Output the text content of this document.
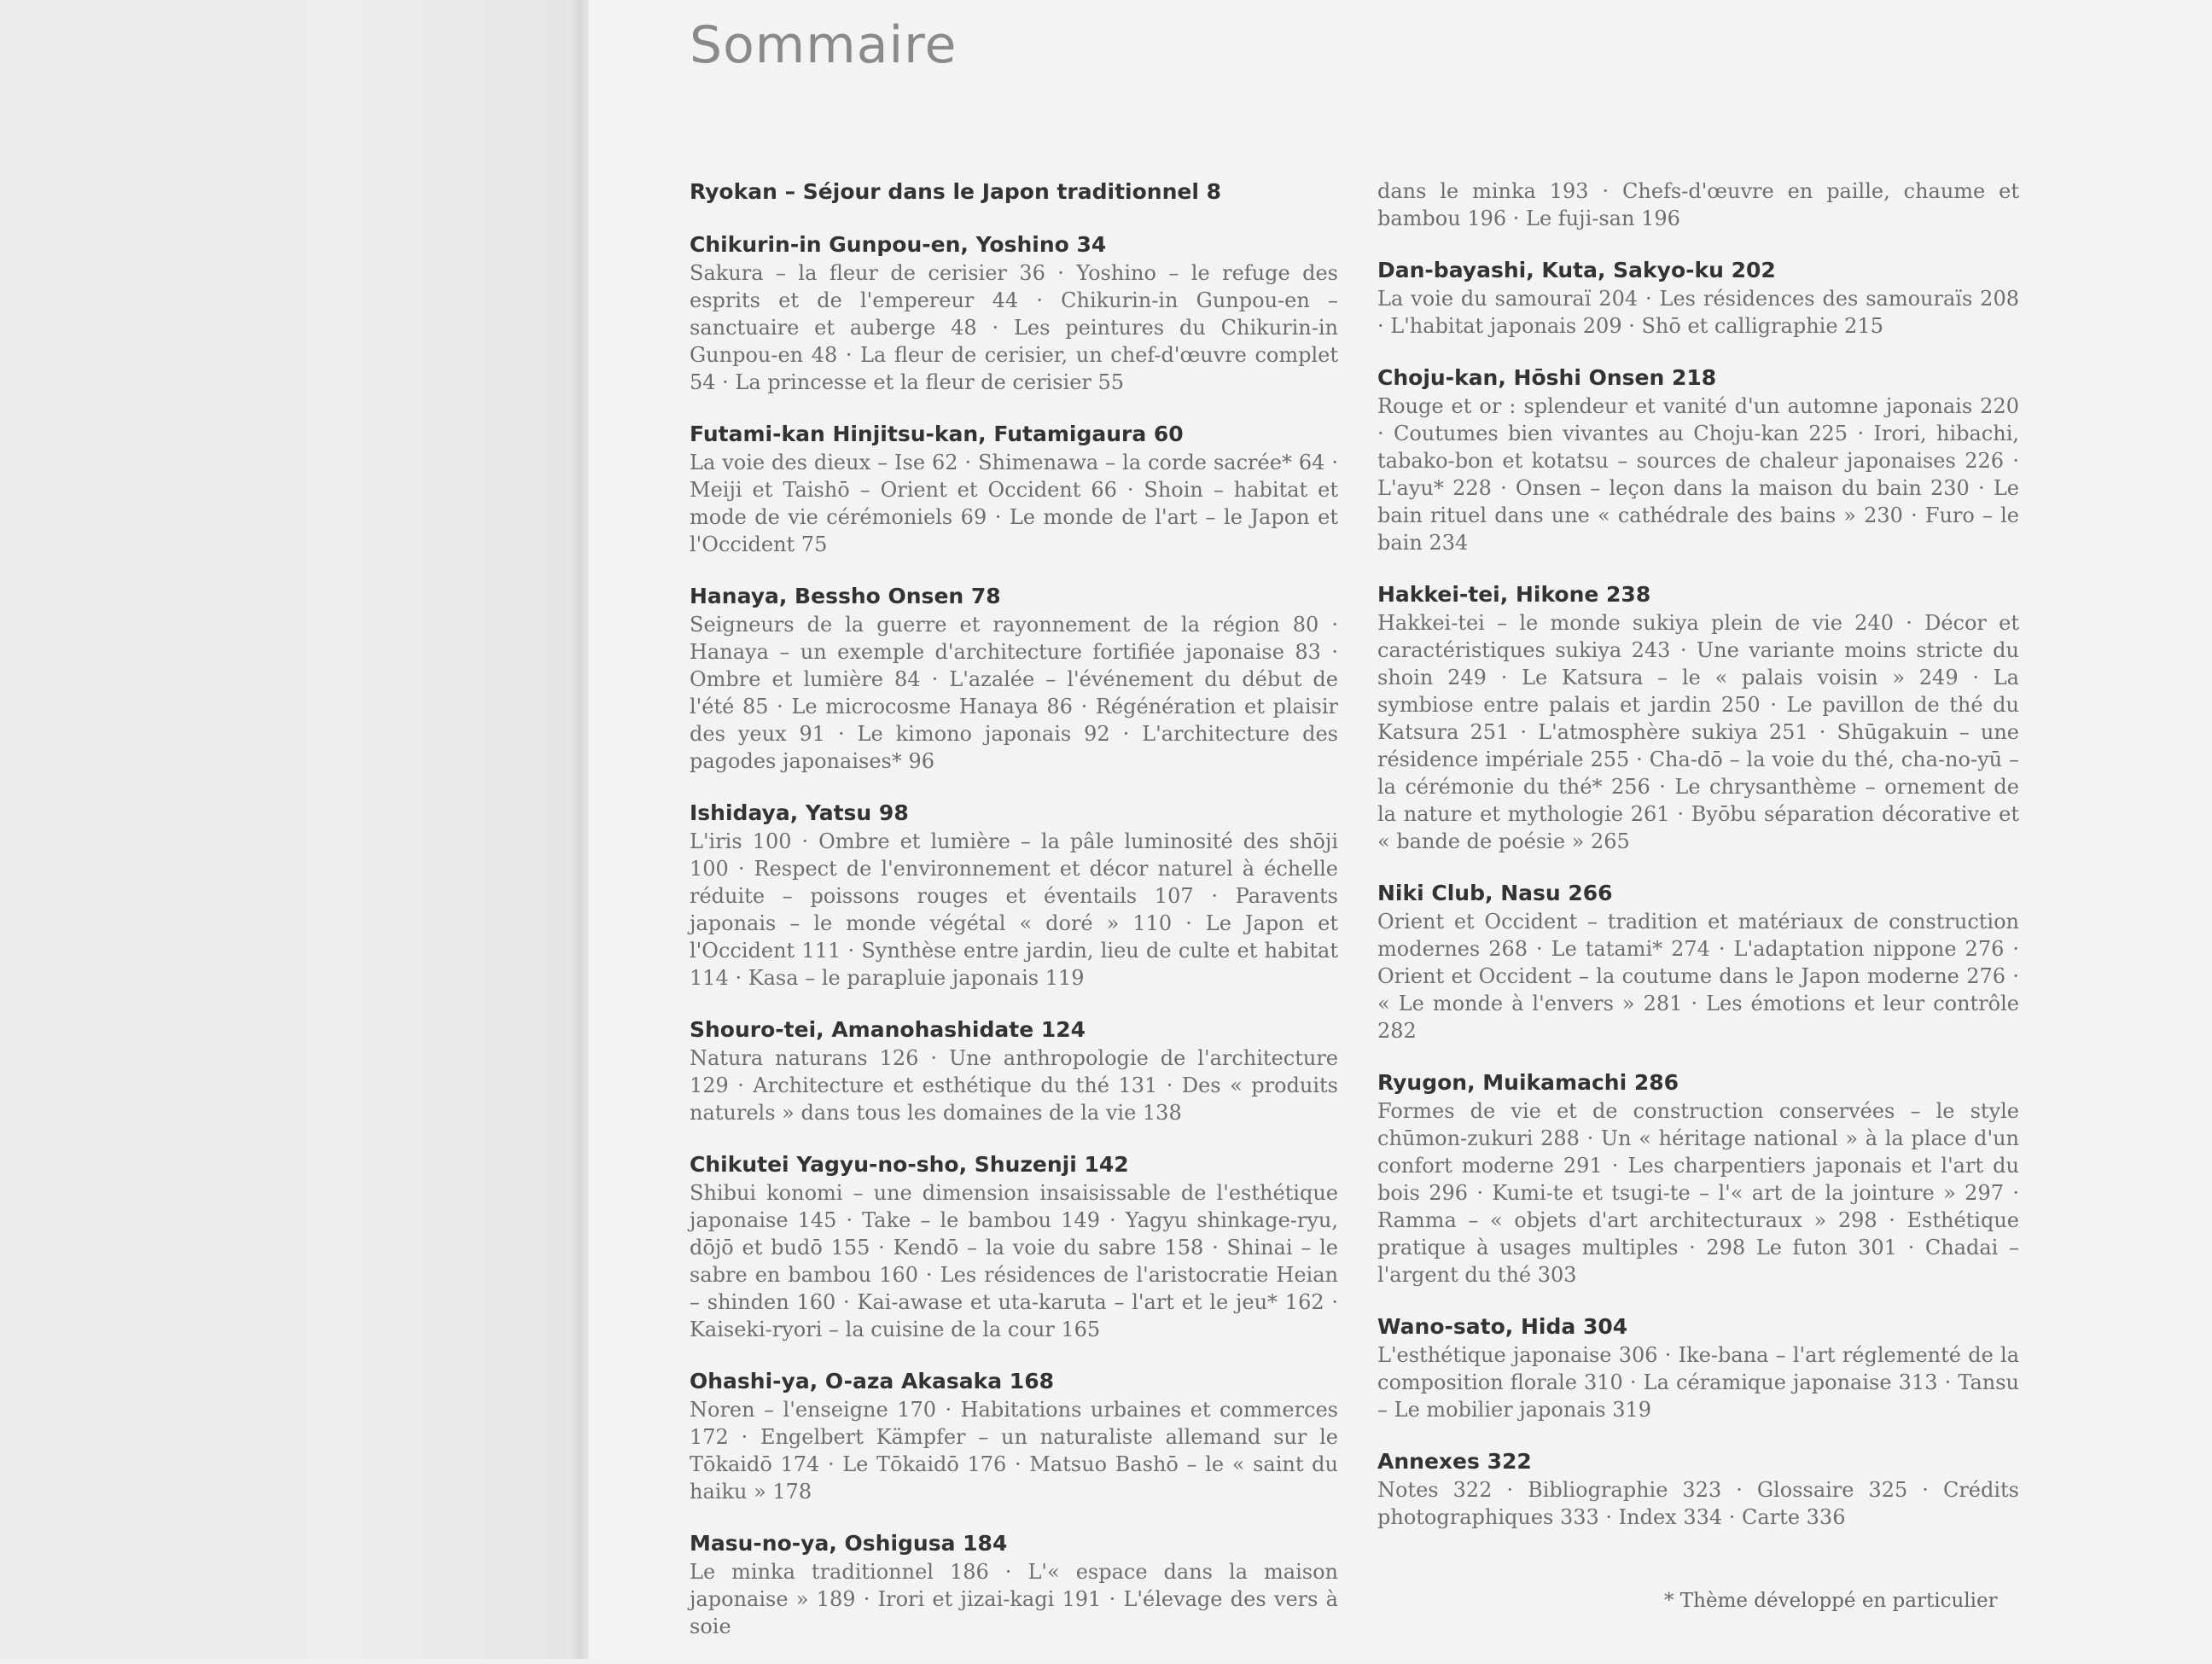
Sommaire
Ryokan – Séjour dans le Japon traditionnel 8
Chikurin-in Gunpou-en, Yoshino 34
Sakura – la fleur de cerisier 36 · Yoshino – le refuge des esprits et de l'empereur 44 · Chikurin-in Gunpou-en – sanctuaire et auberge 48 · Les peintures du Chikurin-in Gunpou-en 48 · La fleur de cerisier, un chef-d'œuvre complet 54 · La princesse et la fleur de cerisier 55
Futami-kan Hinjitsu-kan, Futamigaura 60
La voie des dieux – Ise 62 · Shimenawa – la corde sacrée* 64 · Meiji et Taishō – Orient et Occident 66 · Shoin – habitat et mode de vie cérémoniels 69 · Le monde de l'art – le Japon et l'Occident 75
Hanaya, Bessho Onsen 78
Seigneurs de la guerre et rayonnement de la région 80 · Hanaya – un exemple d'architecture fortifiée japonaise 83 · Ombre et lumière 84 · L'azalée – l'événement du début de l'été 85 · Le microcosme Hanaya 86 · Régénération et plaisir des yeux 91 · Le kimono japonais 92 · L'architecture des pagodes japonaises* 96
Ishidaya, Yatsu 98
L'iris 100 · Ombre et lumière – la pâle luminosité des shōji 100 · Respect de l'environnement et décor naturel à échelle réduite – poissons rouges et éventails 107 · Paravents japonais – le monde végétal « doré » 110 · Le Japon et l'Occident 111 · Synthèse entre jardin, lieu de culte et habitat 114 · Kasa – le parapluie japonais 119
Shouro-tei, Amanohashidate 124
Natura naturans 126 · Une anthropologie de l'architecture 129 · Architecture et esthétique du thé 131 · Des « produits naturels » dans tous les domaines de la vie 138
Chikutei Yagyu-no-sho, Shuzenji 142
Shibui konomi – une dimension insaisissable de l'esthétique japonaise 145 · Take – le bambou 149 · Yagyu shinkage-ryu, dōjō et budō 155 · Kendō – la voie du sabre 158 · Shinai – le sabre en bambou 160 · Les résidences de l'aristocratie Heian – shinden 160 · Kai-awase et uta-karuta – l'art et le jeu* 162 · Kaiseki-ryori – la cuisine de la cour 165
Ohashi-ya, O-aza Akasaka 168
Noren – l'enseigne 170 · Habitations urbaines et commerces 172 · Engelbert Kämpfer – un naturaliste allemand sur le Tōkaidō 174 · Le Tōkaidō 176 · Matsuo Bashō – le « saint du haiku » 178
Masu-no-ya, Oshigusa 184
Le minka traditionnel 186 · L'« espace dans la maison japonaise » 189 · Irori et jizai-kagi 191 · L'élevage des vers à soie
dans le minka 193 · Chefs-d'œuvre en paille, chaume et bambou 196 · Le fuji-san 196
Dan-bayashi, Kuta, Sakyo-ku 202
La voie du samouraï 204 · Les résidences des samouraïs 208 · L'habitat japonais 209 · Shō et calligraphie 215
Choju-kan, Hōshi Onsen 218
Rouge et or : splendeur et vanité d'un automne japonais 220 · Coutumes bien vivantes au Choju-kan 225 · Irori, hibachi, tabako-bon et kotatsu – sources de chaleur japonaises 226 · L'ayu* 228 · Onsen – leçon dans la maison du bain 230 · Le bain rituel dans une « cathédrale des bains » 230 · Furo – le bain 234
Hakkei-tei, Hikone 238
Hakkei-tei – le monde sukiya plein de vie 240 · Décor et caractéristiques sukiya 243 · Une variante moins stricte du shoin 249 · Le Katsura – le « palais voisin » 249 · La symbiose entre palais et jardin 250 · Le pavillon de thé du Katsura 251 · L'atmosphère sukiya 251 · Shūgakuin – une résidence impériale 255 · Cha-dō – la voie du thé, cha-no-yū – la cérémonie du thé* 256 · Le chrysanthème – ornement de la nature et mythologie 261 · Byōbu séparation décorative et « bande de poésie » 265
Niki Club, Nasu 266
Orient et Occident – tradition et matériaux de construction modernes 268 · Le tatami* 274 · L'adaptation nippone 276 · Orient et Occident – la coutume dans le Japon moderne 276 · « Le monde à l'envers » 281 · Les émotions et leur contrôle 282
Ryugon, Muikamachi 286
Formes de vie et de construction conservées – le style chūmon-zukuri 288 · Un « héritage national » à la place d'un confort moderne 291 · Les charpentiers japonais et l'art du bois 296 · Kumi-te et tsugi-te – l'« art de la jointure » 297 · Ramma – « objets d'art architecturaux » 298 · Esthétique pratique à usages multiples · 298 Le futon 301 · Chadai – l'argent du thé 303
Wano-sato, Hida 304
L'esthétique japonaise 306 · Ike-bana – l'art réglementé de la composition florale 310 · La céramique japonaise 313 · Tansu – Le mobilier japonais 319
Annexes 322
Notes 322 · Bibliographie 323 · Glossaire 325 · Crédits photographiques 333 · Index 334 · Carte 336
* Thème développé en particulier
